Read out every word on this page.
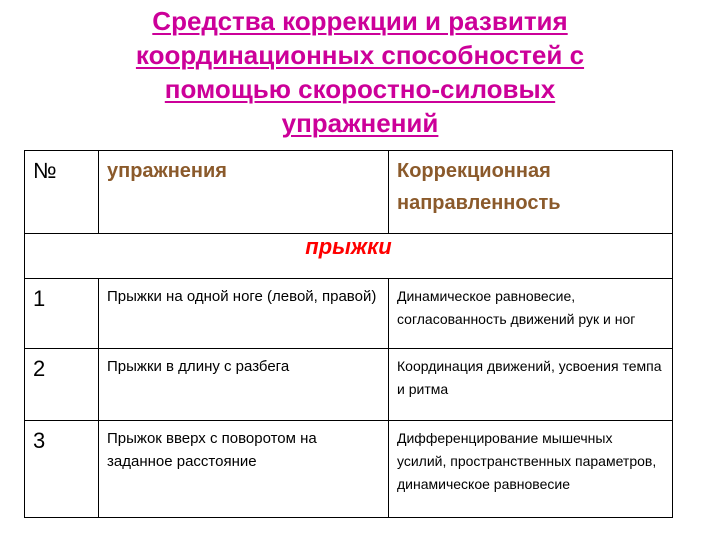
Средства коррекции и развития
координационных способностей с
помощью скоростно-силовых
упражнений
№	упражнения	Коррекционная направленность

прыжки		

1	Прыжки на одной ноге (левой, правой)	Динамическое равновесие, согласованность движений рук и ног

2	Прыжки в длину с разбега	Координация движений, усвоения темпа и ритма

3	Прыжок вверх с поворотом на заданное расстояние	Дифференцирование мышечных усилий, пространственных параметров, динамическое равновесие
